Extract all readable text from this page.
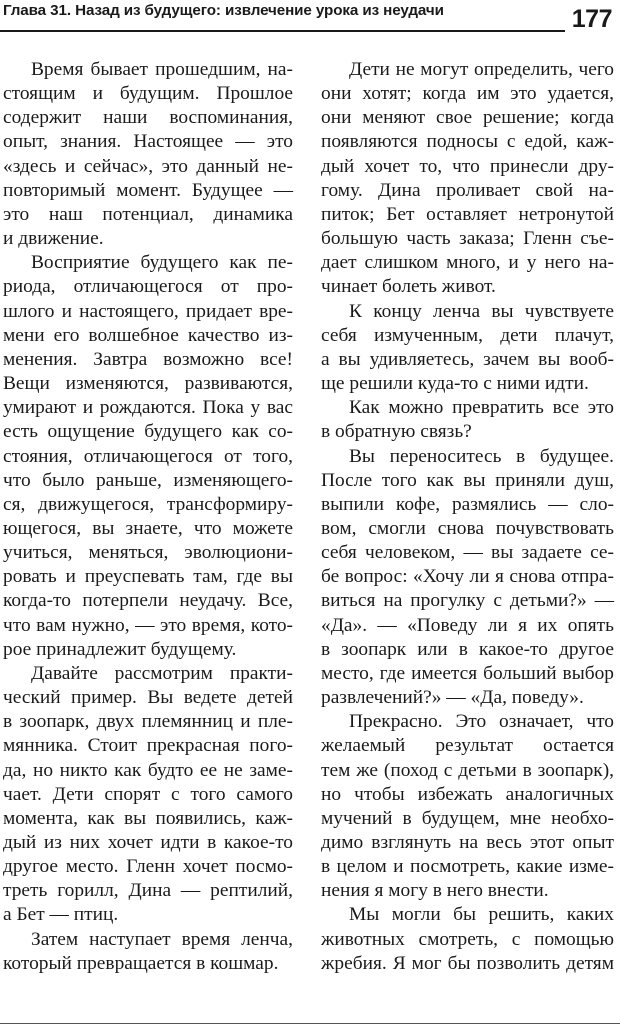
Глава 31. Назад из будущего: извлечение урока из неудачи	177

Время бывает прошедшим, на-
стоящим и будущим. Прошлое
содержит наши воспоминания,
опыт, знания. Настоящее — это
«здесь и сейчас», это данный не-
повторимый момент. Будущее —
это наш потенциал, динамика
и движение.

Восприятие будущего как пе-
риода, отличающегося от про-
шлого и настоящего, придает вре-
мени его волшебное качество из-
менения. Завтра возможно все!
Вещи изменяются, развиваются,
умирают и рождаются. Пока у вас
есть ощущение будущего как со-
стояния, отличающегося от того,
что было раньше, изменяющего-
ся, движущегося, трансформиру-
ющегося, вы знаете, что можете
учиться, меняться, эволюциони-
ровать и преуспевать там, где вы
когда-то потерпели неудачу. Все,
что вам нужно, — это время, кото-
рое принадлежит будущему.

Давайте рассмотрим практи-
ческий пример. Вы ведете детей
в зоопарк, двух племянниц и пле-
мянника. Стоит прекрасная пого-
да, но никто как будто ее не заме-
чает. Дети спорят с того самого
момента, как вы появились, каж-
дый из них хочет идти в какое-то
другое место. Гленн хочет посмо-
треть горилл, Дина — рептилий,
а Бет — птиц.

Затем наступает время ленча,
который превращается в кошмар.

Дети не могут определить, чего
они хотят; когда им это удается,
они меняют свое решение; когда
появляются подносы с едой, каж-
дый хочет то, что принесли дру-
гому. Дина проливает свой на-
питок; Бет оставляет нетронутой
большую часть заказа; Гленн съе-
дает слишком много, и у него на-
чинает болеть живот.

К концу ленча вы чувствуете
себя измученным, дети плачут,
а вы удивляетесь, зачем вы вооб-
ще решили куда-то с ними идти.

Как можно превратить все это
в обратную связь?

Вы переноситесь в будущее.
После того как вы приняли душ,
выпили кофе, размялись — сло-
вом, смогли снова почувствовать
себя человеком, — вы задаете се-
бе вопрос: «Хочу ли я снова отпра-
виться на прогулку с детьми?» —
«Да». — «Поведу ли я их опять
в зоопарк или в какое-то другое
место, где имеется больший выбор
развлечений?» — «Да, поведу».

Прекрасно. Это означает, что
желаемый результат остается
тем же (поход с детьми в зоопарк),
но чтобы избежать аналогичных
мучений в будущем, мне необхо-
димо взглянуть на весь этот опыт
в целом и посмотреть, какие изме-
нения я могу в него внести.

Мы могли бы решить, каких
животных смотреть, с помощью
жребия. Я мог бы позволить детям
